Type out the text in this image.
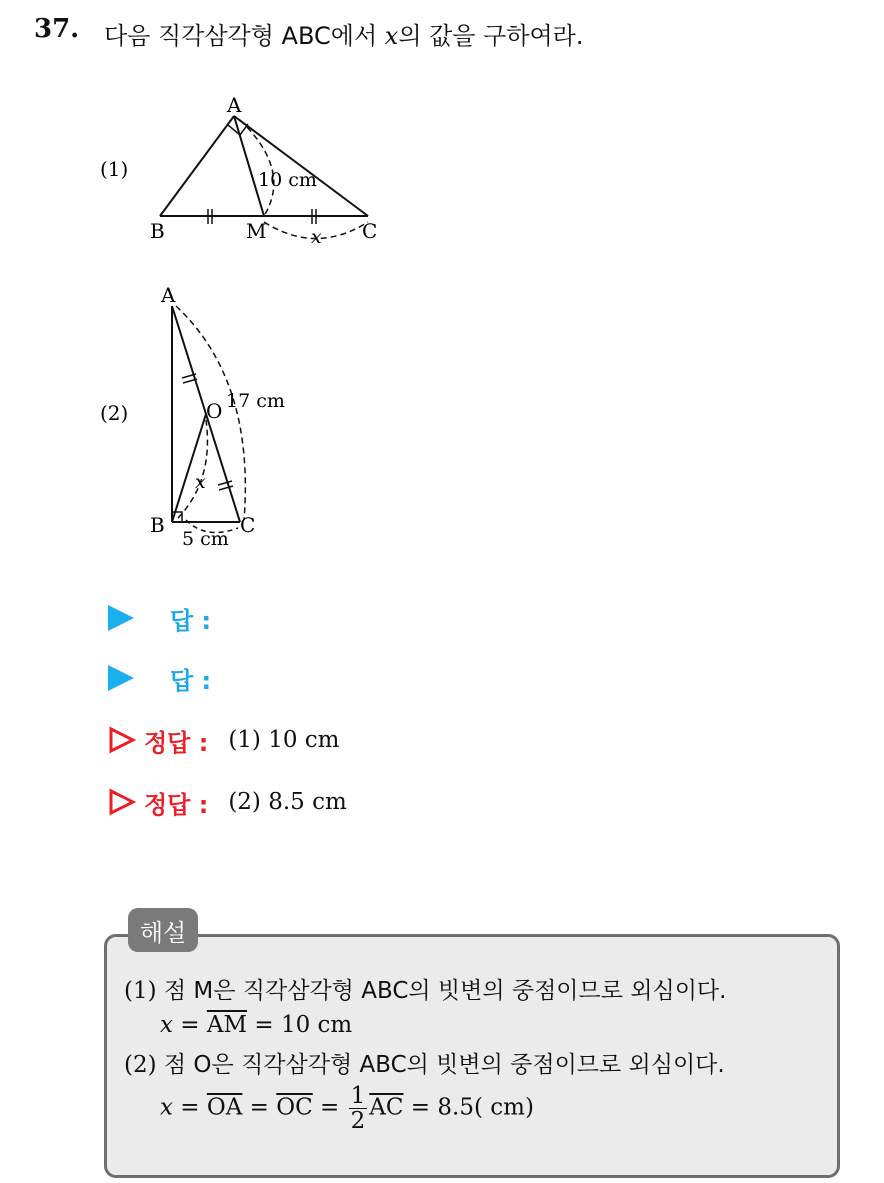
37. 다음 직각삼각형 ABC에서 x의 값을 구하여라.
(1)
A
B	M	C
10 cm
x
(2)
A
B
O
C
17 cm
5 cm
x
답 :
답 :
정답 : (1) 10 cm
정답 : (2) 8.5 cm
해설
(1) 점 M은 직각삼각형 ABC의 빗변의 중점이므로 외심이다.
$x = \overline{AM} = 10$ cm
(2) 점 O은 직각삼각형 ABC의 빗변의 중점이므로 외심이다.
$x = \overline{OA} = \overline{OC} = \frac{1}{2} \overline{AC} = 8.5$( cm)
